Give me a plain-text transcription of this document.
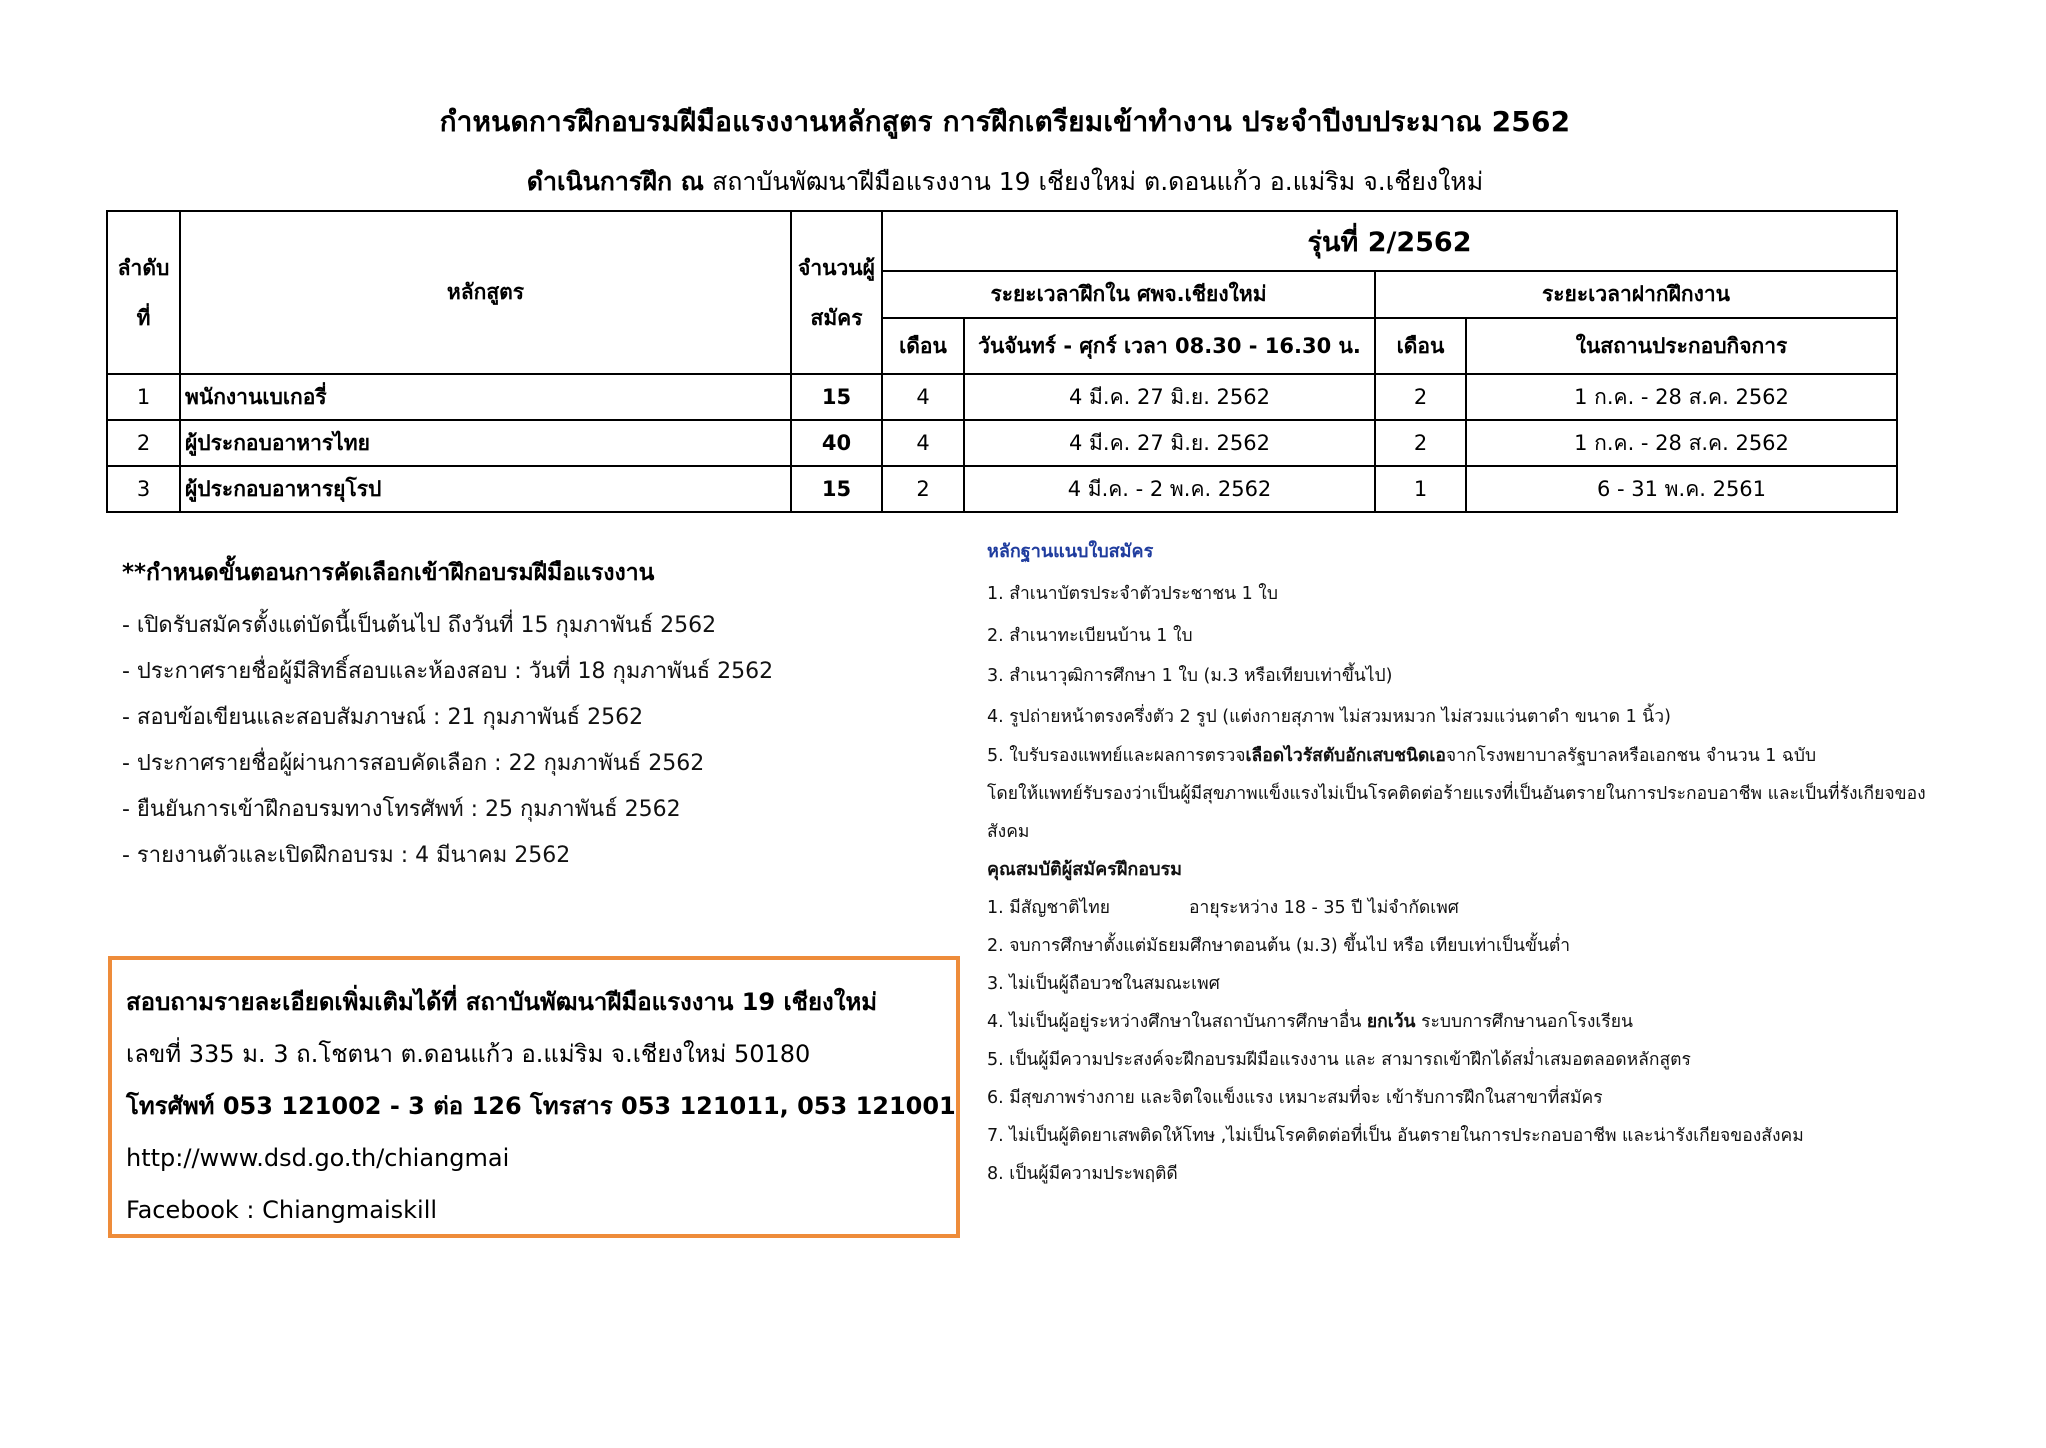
กำหนดการฝึกอบรมฝีมือแรงงานหลักสูตร การฝึกเตรียมเข้าทำงาน ประจำปีงบประมาณ 2562
ดำเนินการฝึก ณ สถาบันพัฒนาฝีมือแรงงาน 19 เชียงใหม่ ต.ดอนแก้ว อ.แม่ริม จ.เชียงใหม่
ลำดับที่	หลักสูตร	จำนวนผู้สมัคร	รุ่นที่ 2/2562			
			ระยะเวลาฝึกใน ศพจ.เชียงใหม่		ระยะเวลาฝากฝึกงาน	
			เดือน	วันจันทร์ - ศุกร์ เวลา 08.30 - 16.30 น.	เดือน	ในสถานประกอบกิจการ
1	พนักงานเบเกอรี่	15	4	4 มี.ค. 27 มิ.ย. 2562	2	1 ก.ค. - 28 ส.ค. 2562
2	ผู้ประกอบอาหารไทย	40	4	4 มี.ค. 27 มิ.ย. 2562	2	1 ก.ค. - 28 ส.ค. 2562
3	ผู้ประกอบอาหารยุโรป	15	2	4 มี.ค. - 2 พ.ค. 2562	1	6 - 31 พ.ค. 2561
**กำหนดขั้นตอนการคัดเลือกเข้าฝึกอบรมฝีมือแรงงาน
- เปิดรับสมัครตั้งแต่บัดนี้เป็นต้นไป ถึงวันที่ 15 กุมภาพันธ์ 2562
- ประกาศรายชื่อผู้มีสิทธิ์สอบและห้องสอบ : วันที่ 18 กุมภาพันธ์ 2562
- สอบข้อเขียนและสอบสัมภาษณ์ : 21 กุมภาพันธ์ 2562
- ประกาศรายชื่อผู้ผ่านการสอบคัดเลือก : 22 กุมภาพันธ์ 2562
- ยืนยันการเข้าฝึกอบรมทางโทรศัพท์ : 25 กุมภาพันธ์ 2562
- รายงานตัวและเปิดฝึกอบรม : 4 มีนาคม 2562
หลักฐานแนบใบสมัคร
1. สำเนาบัตรประจำตัวประชาชน 1 ใบ
2. สำเนาทะเบียนบ้าน 1 ใบ
3. สำเนาวุฒิการศึกษา 1 ใบ (ม.3 หรือเทียบเท่าขึ้นไป)
4. รูปถ่ายหน้าตรงครึ่งตัว 2 รูป (แต่งกายสุภาพ ไม่สวมหมวก ไม่สวมแว่นตาดำ ขนาด 1 นิ้ว)
5. ใบรับรองแพทย์และผลการตรวจเลือดไวรัสตับอักเสบชนิดเอจากโรงพยาบาลรัฐบาลหรือเอกชน จำนวน 1 ฉบับ
โดยให้แพทย์รับรองว่าเป็นผู้มีสุขภาพแข็งแรงไม่เป็นโรคติดต่อร้ายแรงที่เป็นอันตรายในการประกอบอาชีพ และเป็นที่รังเกียจของ
สังคม
คุณสมบัติผู้สมัครฝึกอบรม
1. มีสัญชาติไทย	อายุระหว่าง 18 - 35 ปี ไม่จำกัดเพศ
2. จบการศึกษาตั้งแต่มัธยมศึกษาตอนต้น (ม.3) ขึ้นไป หรือ เทียบเท่าเป็นขั้นต่ำ
3. ไม่เป็นผู้ถือบวชในสมณะเพศ
4. ไม่เป็นผู้อยู่ระหว่างศึกษาในสถาบันการศึกษาอื่น ยกเว้น ระบบการศึกษานอกโรงเรียน
5. เป็นผู้มีความประสงค์จะฝึกอบรมฝีมือแรงงาน และ สามารถเข้าฝึกได้สม่ำเสมอตลอดหลักสูตร
6. มีสุขภาพร่างกาย และจิตใจแข็งแรง เหมาะสมที่จะ เข้ารับการฝึกในสาขาที่สมัคร
7. ไม่เป็นผู้ติดยาเสพติดให้โทษ ,ไม่เป็นโรคติดต่อที่เป็น อันตรายในการประกอบอาชีพ และน่ารังเกียจของสังคม
8. เป็นผู้มีความประพฤติดี
สอบถามรายละเอียดเพิ่มเติมได้ที่ สถาบันพัฒนาฝีมือแรงงาน 19 เชียงใหม่
เลขที่ 335 ม. 3 ถ.โชตนา ต.ดอนแก้ว อ.แม่ริม จ.เชียงใหม่ 50180
โทรศัพท์ 053 121002 - 3 ต่อ 126 โทรสาร 053 121011, 053 121001
http://www.dsd.go.th/chiangmai
Facebook : Chiangmaiskill
